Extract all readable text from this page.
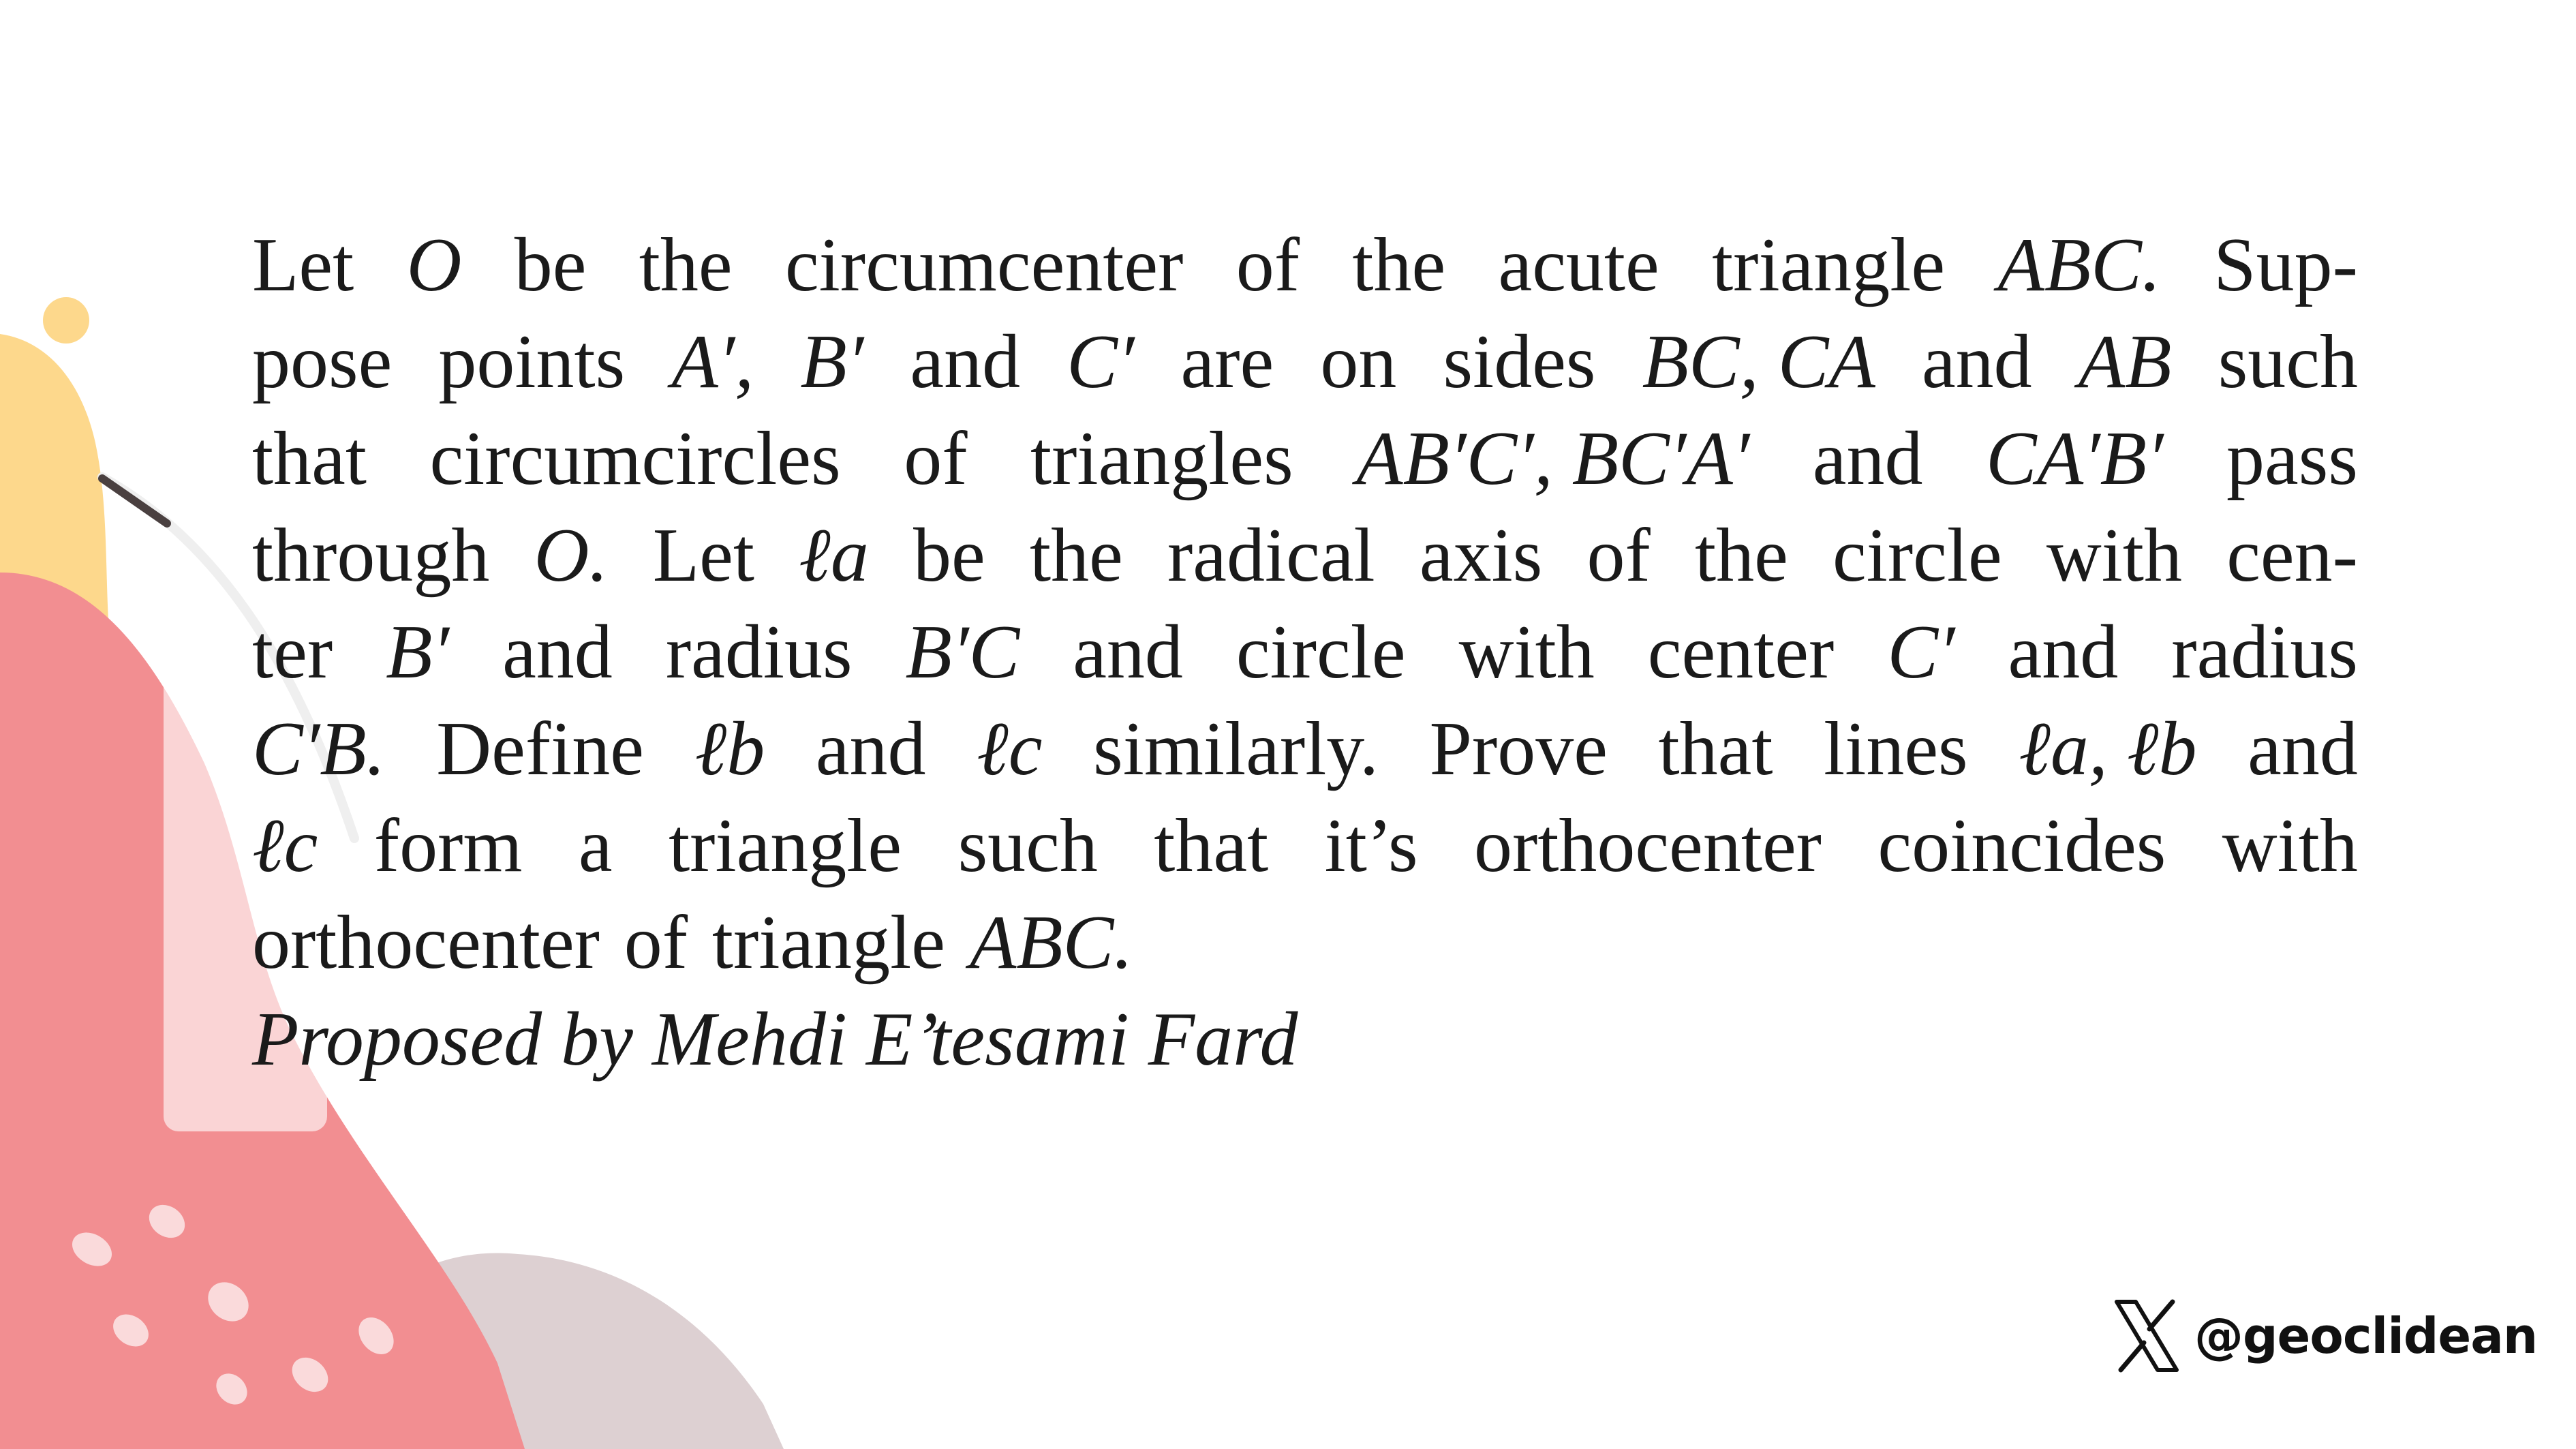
Let O be the circumcenter of the acute triangle ABC. Sup-
pose points A′, B′ and C′ are on sides BC, CA and AB such
that circumcircles of triangles AB′C′, BC′A′ and CA′B′ pass
through O. Let ℓa be the radical axis of the circle with cen-
ter B′ and radius B′C and circle with center C′ and radius
C′B. Define ℓb and ℓc similarly. Prove that lines ℓa, ℓb and
ℓc form a triangle such that it’s orthocenter coincides with
orthocenter of triangle ABC.
Proposed by Mehdi E’tesami Fard
@geoclidean
